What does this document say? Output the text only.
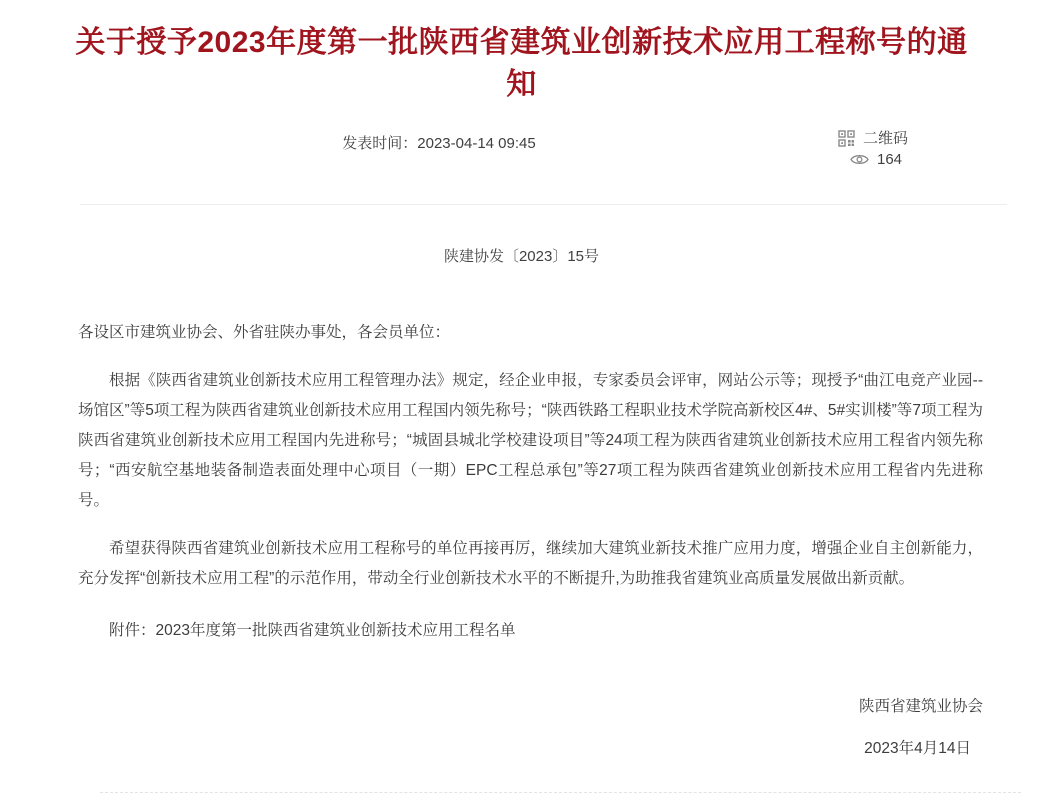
关于授予2023年度第一批陕西省建筑业创新技术应用工程称号的通知
发表时间：2023-04-14 09:45	二维码
164
陕建协发〔2023〕15号
各设区市建筑业协会、外省驻陕办事处，各会员单位：

根据《陕西省建筑业创新技术应用工程管理办法》规定，经企业申报，专家委员会评审，网站公示等；现授予“曲江电竞产业园--场馆区”等5项工程为陕西省建筑业创新技术应用工程国内领先称号；“陕西铁路工程职业技术学院高新校区4#、5#实训楼”等7项工程为陕西省建筑业创新技术应用工程国内先进称号；“城固县城北学校建设项目”等24项工程为陕西省建筑业创新技术应用工程省内领先称号；“西安航空基地装备制造表面处理中心项目（一期）EPC工程总承包”等27项工程为陕西省建筑业创新技术应用工程省内先进称号。

希望获得陕西省建筑业创新技术应用工程称号的单位再接再厉，继续加大建筑业新技术推广应用力度，增强企业自主创新能力，充分发挥“创新技术应用工程”的示范作用，带动全行业创新技术水平的不断提升,为助推我省建筑业高质量发展做出新贡献。

附件：2023年度第一批陕西省建筑业创新技术应用工程名单

陕西省建筑业协会
2023年4月14日
